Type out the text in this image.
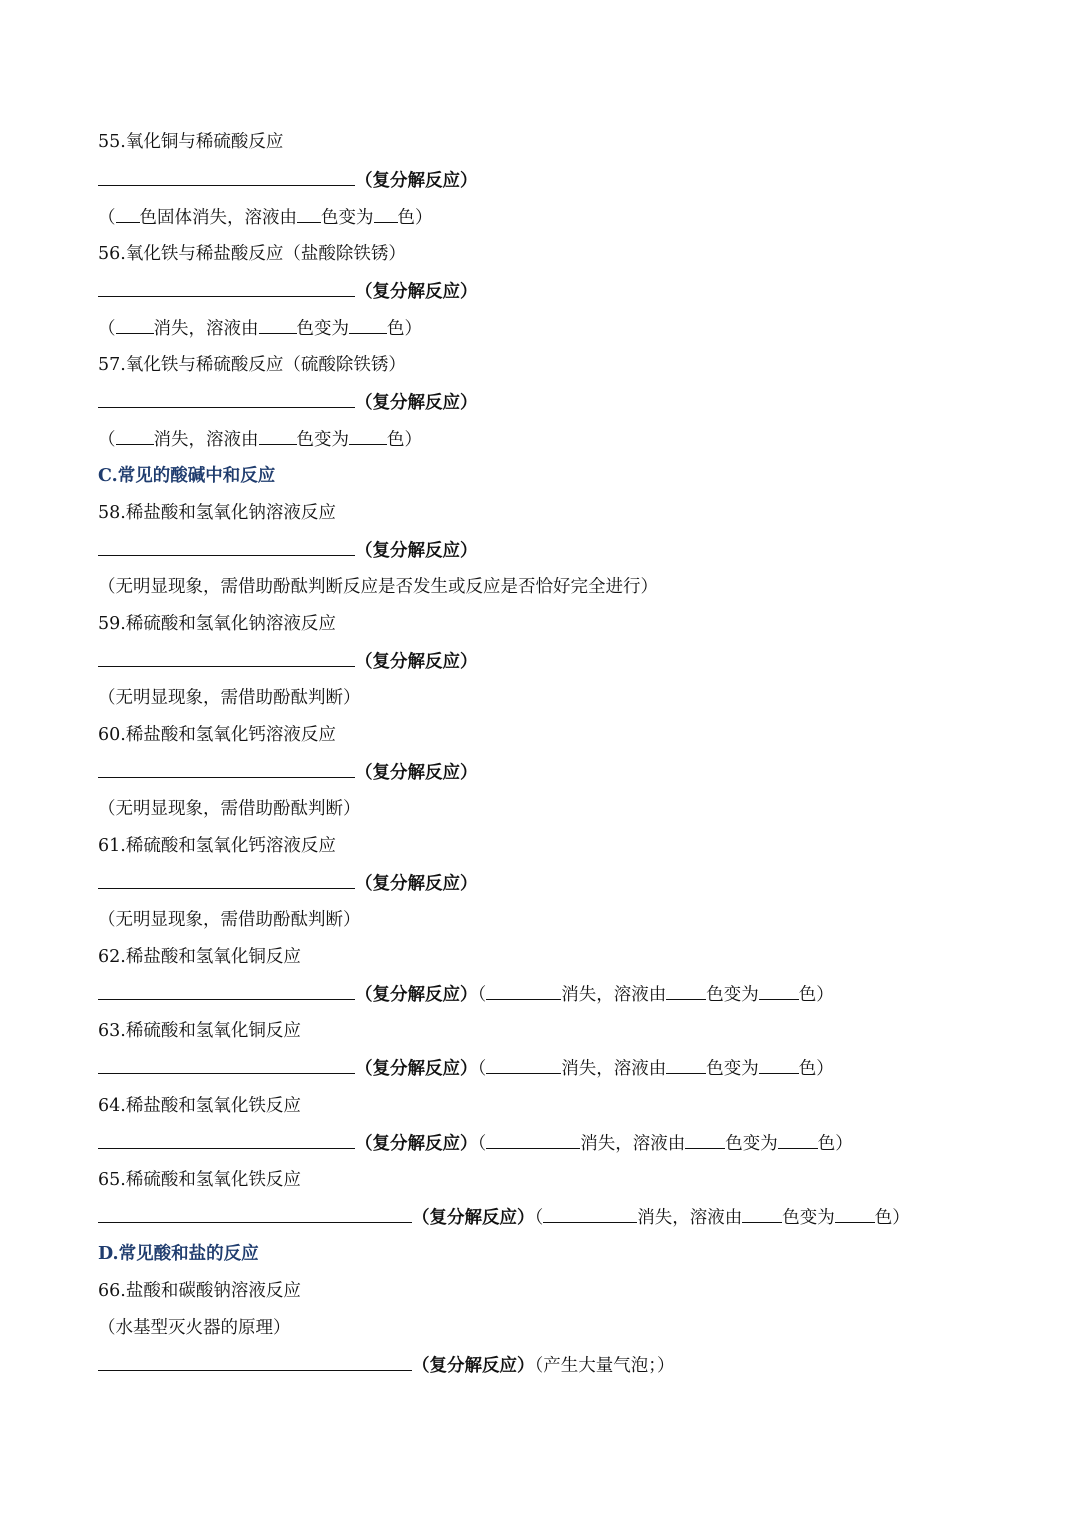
55.氧化铜与稀硫酸反应
（复分解反应）
（ 色固体消失，溶液由 色变为 色）
56.氧化铁与稀盐酸反应（盐酸除铁锈）
（复分解反应）
（ 消失，溶液由 色变为 色）
57.氧化铁与稀硫酸反应（硫酸除铁锈）
（复分解反应）
（ 消失，溶液由 色变为 色）
C.常见的酸碱中和反应
58.稀盐酸和氢氧化钠溶液反应
（复分解反应）
（无明显现象，需借助酚酞判断反应是否发生或反应是否恰好完全进行）
59.稀硫酸和氢氧化钠溶液反应
（复分解反应）
（无明显现象，需借助酚酞判断）
60.稀盐酸和氢氧化钙溶液反应
（复分解反应）
（无明显现象，需借助酚酞判断）
61.稀硫酸和氢氧化钙溶液反应
（复分解反应）
（无明显现象，需借助酚酞判断）
62.稀盐酸和氢氧化铜反应
（复分解反应）（	消失，溶液由 色变为 色）
63.稀硫酸和氢氧化铜反应
（复分解反应）（	消失，溶液由 色变为 色）
64.稀盐酸和氢氧化铁反应
（复分解反应）（	消失，溶液由 色变为 色）
65.稀硫酸和氢氧化铁反应
（复分解反应）（	消失，溶液由 色变为 色）
D.常见酸和盐的反应
66.盐酸和碳酸钠溶液反应
（水基型灭火器的原理）
（复分解反应）（产生大量气泡；）
